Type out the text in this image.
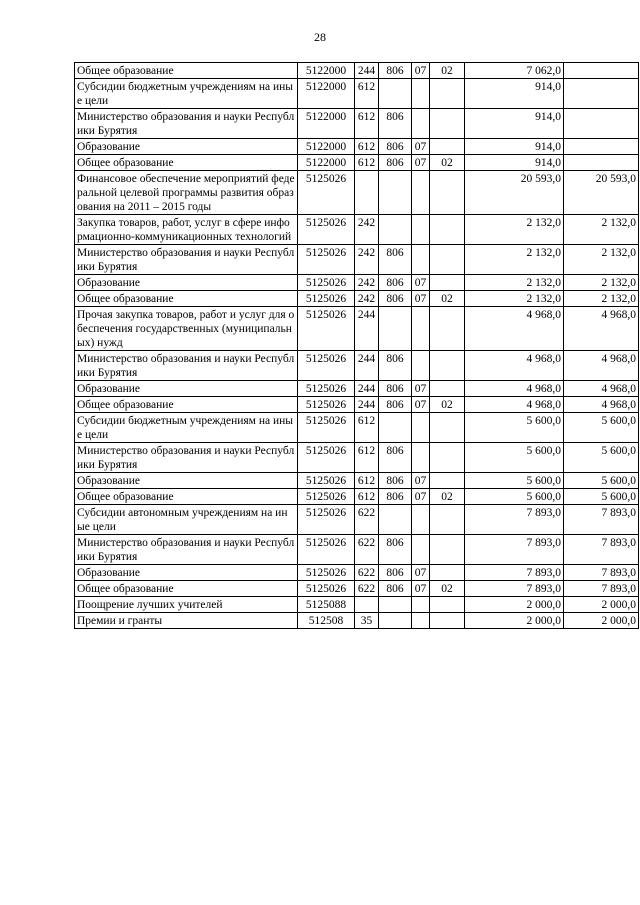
28
Общее образование	5122000	244	806	07	02	7 062,0	
Субсидии бюджетным учреждениям на иные цели	5122000	612				914,0	
Министерство образования и науки Республики Бурятия	5122000	612	806			914,0	
Образование	5122000	612	806	07		914,0	
Общее образование	5122000	612	806	07	02	914,0	
Финансовое обеспечение мероприятий федеральной целевой программы развития образования на 2011 – 2015 годы	5125026					20 593,0	20 593,0
Закупка товаров, работ, услуг в сфере информационно-коммуникационных технологий	5125026	242				2 132,0	2 132,0
Министерство образования и науки Республики Бурятия	5125026	242	806			2 132,0	2 132,0
Образование	5125026	242	806	07		2 132,0	2 132,0
Общее образование	5125026	242	806	07	02	2 132,0	2 132,0
Прочая закупка товаров, работ и услуг для обеспечения государственных (муниципальных) нужд	5125026	244				4 968,0	4 968,0
Министерство образования и науки Республики Бурятия	5125026	244	806			4 968,0	4 968,0
Образование	5125026	244	806	07		4 968,0	4 968,0
Общее образование	5125026	244	806	07	02	4 968,0	4 968,0
Субсидии бюджетным учреждениям на иные цели	5125026	612				5 600,0	5 600,0
Министерство образования и науки Республики Бурятия	5125026	612	806			5 600,0	5 600,0
Образование	5125026	612	806	07		5 600,0	5 600,0
Общее образование	5125026	612	806	07	02	5 600,0	5 600,0
Субсидии автономным учреждениям на иные цели	5125026	622				7 893,0	7 893,0
Министерство образования и науки Республики Бурятия	5125026	622	806			7 893,0	7 893,0
Образование	5125026	622	806	07		7 893,0	7 893,0
Общее образование	5125026	622	806	07	02	7 893,0	7 893,0
Поощрение лучших учителей	5125088					2 000,0	2 000,0
Премии и гранты	512508	35				2 000,0	2 000,0
